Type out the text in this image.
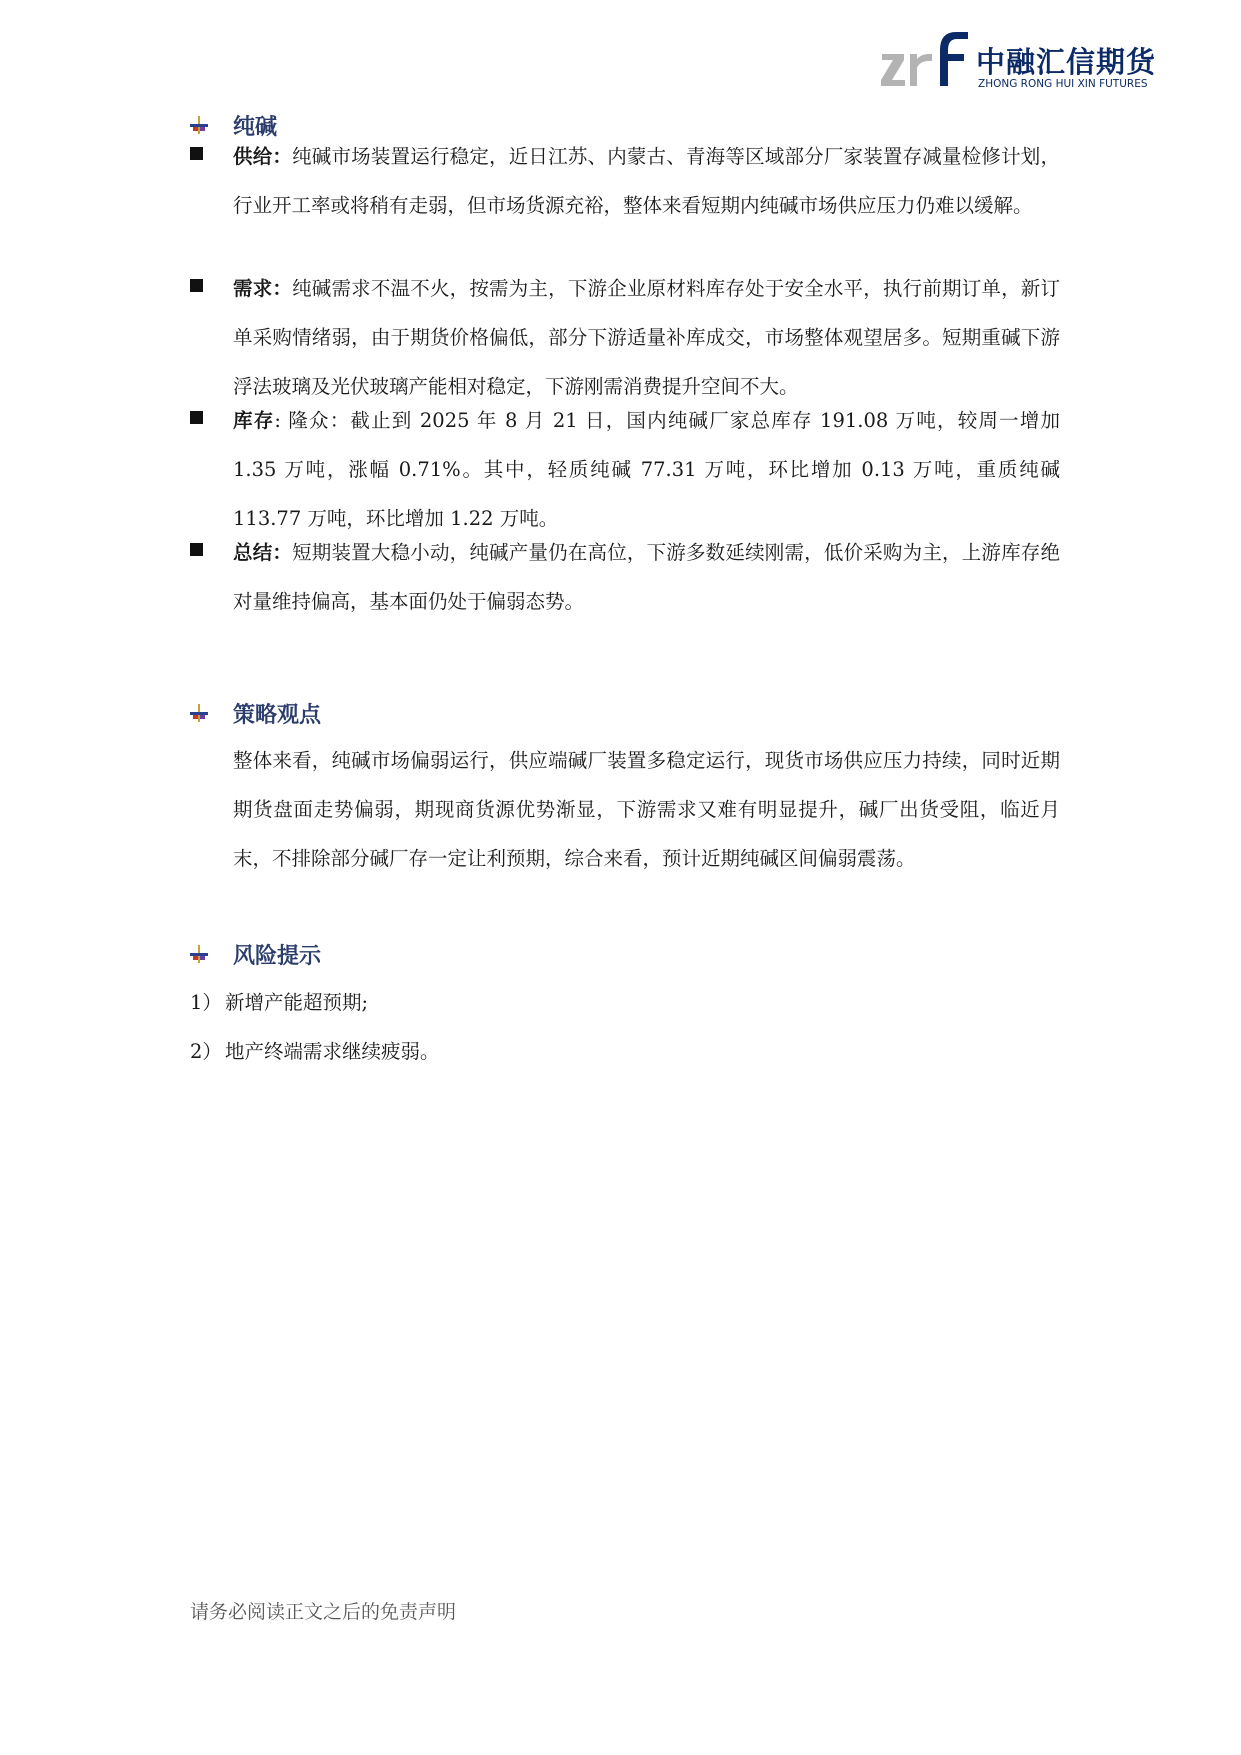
中融汇信期货
ZHONG RONG HUI XIN FUTURES
纯碱
供给：纯碱市场装置运行稳定，近日江苏、内蒙古、青海等区域部分厂家装置存减量检修计划，行业开工率或将稍有走弱，但市场货源充裕，整体来看短期内纯碱市场供应压力仍难以缓解。
需求：纯碱需求不温不火，按需为主，下游企业原材料库存处于安全水平，执行前期订单，新订单采购情绪弱，由于期货价格偏低，部分下游适量补库成交，市场整体观望居多。短期重碱下游浮法玻璃及光伏玻璃产能相对稳定，下游刚需消费提升空间不大。
库存: 隆众：截止到 2025 年 8 月 21 日，国内纯碱厂家总库存 191.08 万吨，较周一增加 1.35 万吨，涨幅 0.71%。其中，轻质纯碱 77.31 万吨，环比增加 0.13 万吨，重质纯碱 113.77 万吨，环比增加 1.22 万吨。
总结：短期装置大稳小动，纯碱产量仍在高位，下游多数延续刚需，低价采购为主，上游库存绝对量维持偏高，基本面仍处于偏弱态势。
策略观点
整体来看，纯碱市场偏弱运行，供应端碱厂装置多稳定运行，现货市场供应压力持续，同时近期期货盘面走势偏弱，期现商货源优势渐显，下游需求又难有明显提升，碱厂出货受阻，临近月末，不排除部分碱厂存一定让利预期，综合来看，预计近期纯碱区间偏弱震荡。
风险提示
1） 新增产能超预期;
2） 地产终端需求继续疲弱。
请务必阅读正文之后的免责声明
